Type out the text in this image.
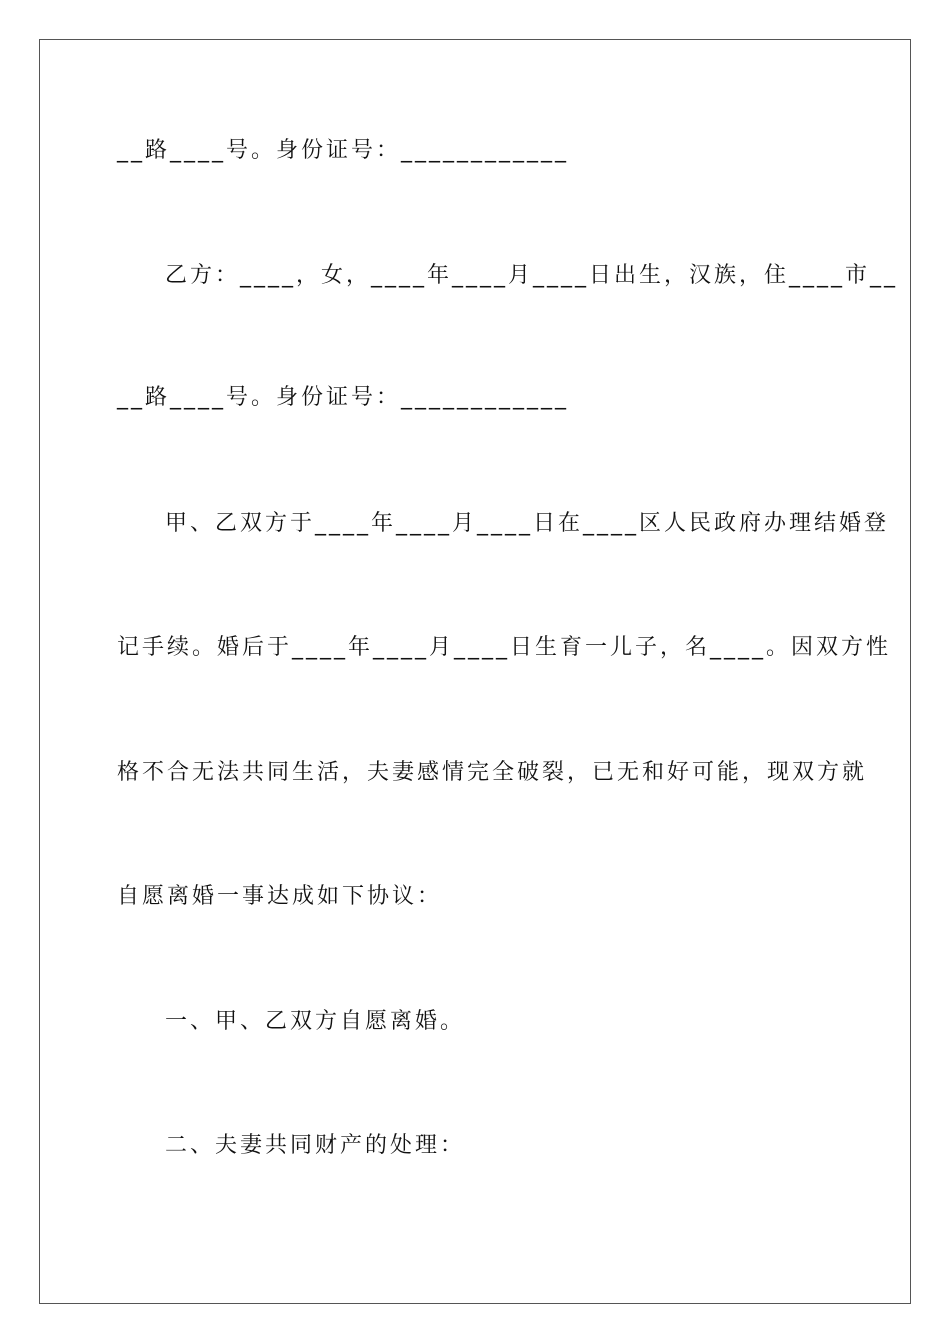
__路____号。身份证号：____________
乙方：____，女，____年____月____日出生，汉族，住____市__
__路____号。身份证号：____________
甲、乙双方于____年____月____日在____区人民政府办理结婚登
记手续。婚后于____年____月____日生育一儿子，名____。因双方性
格不合无法共同生活，夫妻感情完全破裂，已无和好可能，现双方就
自愿离婚一事达成如下协议：
一、甲、乙双方自愿离婚。
二、夫妻共同财产的处理：
